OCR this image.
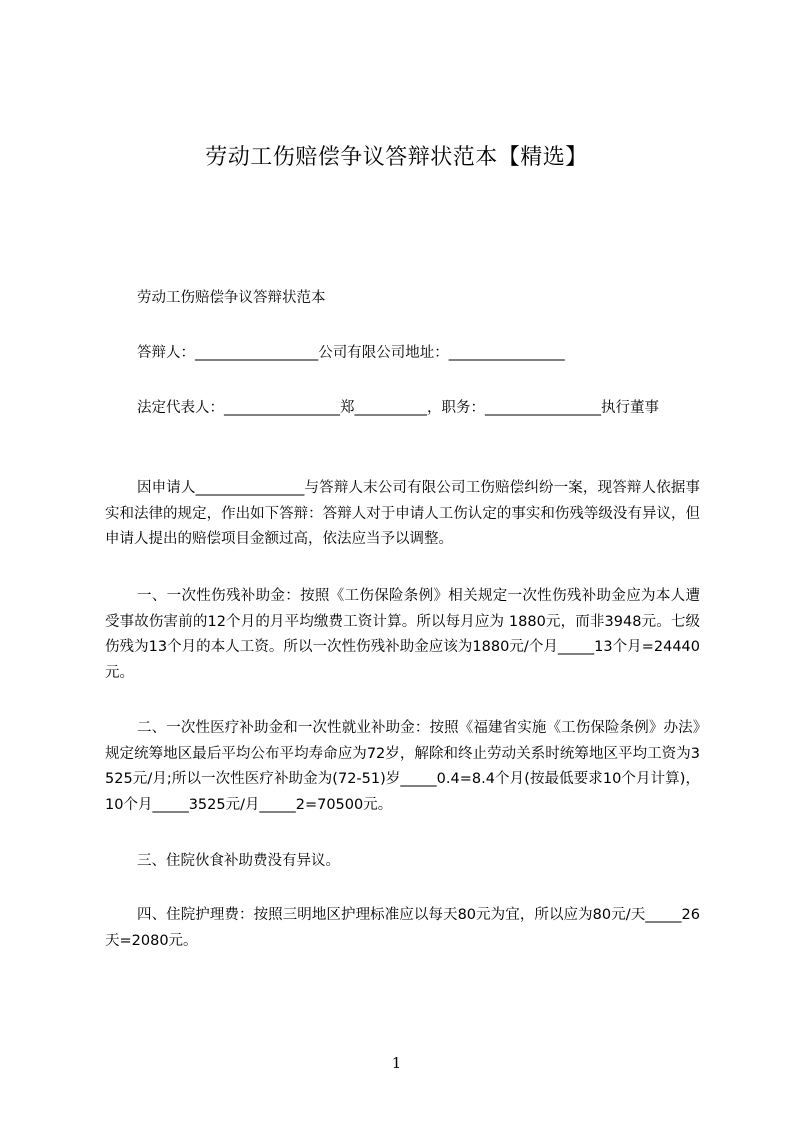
劳动工伤赔偿争议答辩状范本【精选】

劳动工伤赔偿争议答辩状范本

答辩人：_________________公司有限公司地址：________________

法定代表人：________________郑__________，职务：________________执行董事

因申请人_______________与答辩人末公司有限公司工伤赔偿纠纷一案，现答辩人依据事实和法律的规定，作出如下答辩：答辩人对于申请人工伤认定的事实和伤残等级没有异议，但申请人提出的赔偿项目金额过高，依法应当予以调整。

一、一次性伤残补助金：按照《工伤保险条例》相关规定一次性伤残补助金应为本人遭受事故伤害前的12个月的月平均缴费工资计算。所以每月应为 1880元，而非3948元。七级伤残为13个月的本人工资。所以一次性伤残补助金应该为1880元/个月_____13个月=24440元。

二、一次性医疗补助金和一次性就业补助金：按照《福建省实施《工伤保险条例》办法》规定统筹地区最后平均公布平均寿命应为72岁，解除和终止劳动关系时统筹地区平均工资为3525元/月;所以一次性医疗补助金为(72-51)岁_____0.4=8.4个月(按最低要求10个月计算)，10个月_____3525元/月_____2=70500元。

三、住院伙食补助费没有异议。

四、住院护理费：按照三明地区护理标准应以每天80元为宜，所以应为80元/天_____26天=2080元。

1
